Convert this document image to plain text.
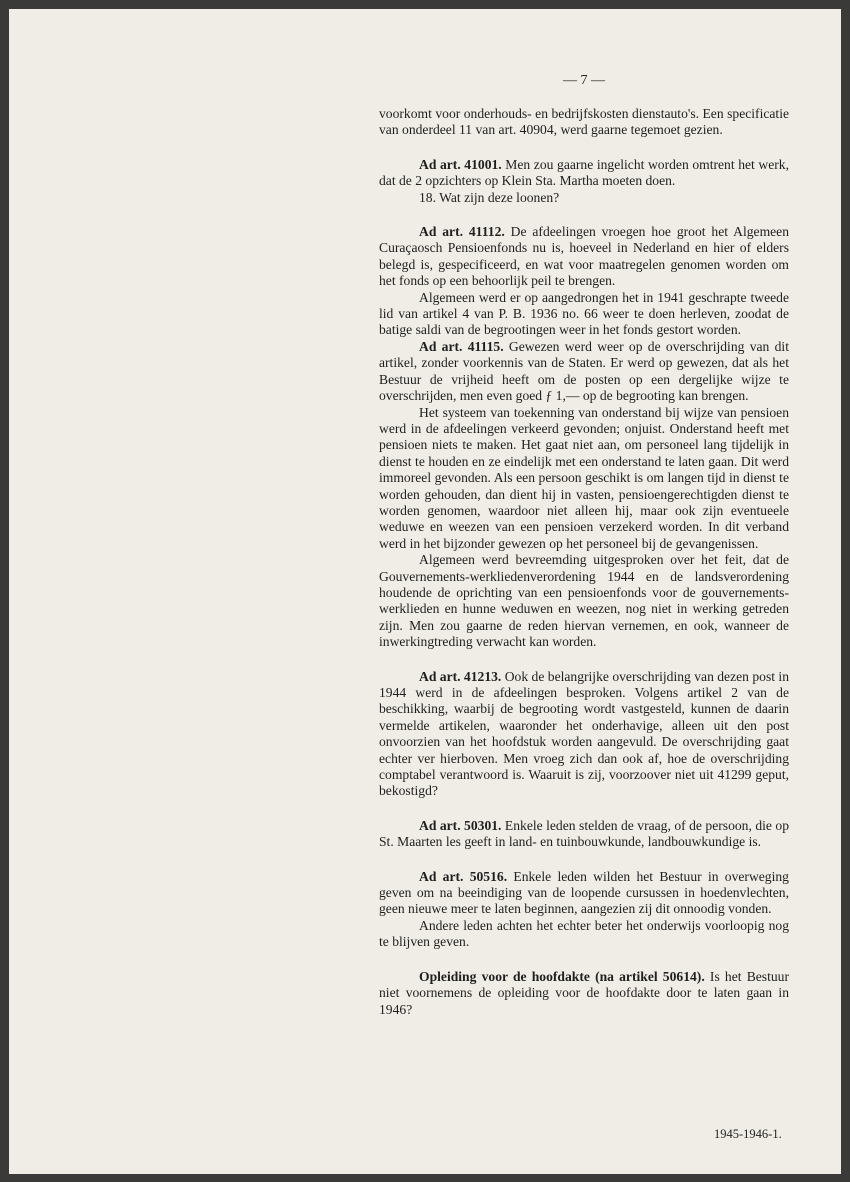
— 7 —

voorkomt voor onderhouds- en bedrijfskosten dienstauto's. Een specificatie van onderdeel 11 van art. 40904, werd gaarne tegemoet gezien.

Ad art. 41001. Men zou gaarne ingelicht worden omtrent het werk, dat de 2 opzichters op Klein Sta. Martha moeten doen.

18. Wat zijn deze loonen?

Ad art. 41112. De afdeelingen vroegen hoe groot het Algemeen Curaçaosch Pensioenfonds nu is, hoeveel in Nederland en hier of elders belegd is, gespecificeerd, en wat voor maatregelen genomen worden om het fonds op een behoorlijk peil te brengen.

Algemeen werd er op aangedrongen het in 1941 geschrapte tweede lid van artikel 4 van P. B. 1936 no. 66 weer te doen herleven, zoodat de batige saldi van de begrootingen weer in het fonds gestort worden.

Ad art. 41115. Gewezen werd weer op de overschrijding van dit artikel, zonder voorkennis van de Staten. Er werd op gewezen, dat als het Bestuur de vrijheid heeft om de posten op een dergelijke wijze te overschrijden, men even goed ƒ 1,— op de begrooting kan brengen.

Het systeem van toekenning van onderstand bij wijze van pensioen werd in de afdeelingen verkeerd gevonden; onjuist. Onderstand heeft met pensioen niets te maken. Het gaat niet aan, om personeel lang tijdelijk in dienst te houden en ze eindelijk met een onderstand te laten gaan. Dit werd immoreel gevonden. Als een persoon geschikt is om langen tijd in dienst te worden gehouden, dan dient hij in vasten, pensioengerechtigden dienst te worden genomen, waardoor niet alleen hij, maar ook zijn eventueele weduwe en weezen van een pensioen verzekerd worden. In dit verband werd in het bijzonder gewezen op het personeel bij de gevangenissen.

Algemeen werd bevreemding uitgesproken over het feit, dat de Gouvernements-werkliedenverordening 1944 en de landsverordening houdende de oprichting van een pensioenfonds voor de gouvernements-werklieden en hunne weduwen en weezen, nog niet in werking getreden zijn. Men zou gaarne de reden hiervan vernemen, en ook, wanneer de inwerkingtreding verwacht kan worden.

Ad art. 41213. Ook de belangrijke overschrijding van dezen post in 1944 werd in de afdeelingen besproken. Volgens artikel 2 van de beschikking, waarbij de begrooting wordt vastgesteld, kunnen de daarin vermelde artikelen, waaronder het onderhavige, alleen uit den post onvoorzien van het hoofdstuk worden aangevuld. De overschrijding gaat echter ver hierboven. Men vroeg zich dan ook af, hoe de overschrijding comptabel verantwoord is. Waaruit is zij, voorzoover niet uit 41299 geput, bekostigd?

Ad art. 50301. Enkele leden stelden de vraag, of de persoon, die op St. Maarten les geeft in land- en tuinbouwkunde, landbouwkundige is.

Ad art. 50516. Enkele leden wilden het Bestuur in overweging geven om na beeindiging van de loopende cursussen in hoedenvlechten, geen nieuwe meer te laten beginnen, aangezien zij dit onnoodig vonden.

Andere leden achten het echter beter het onderwijs voorloopig nog te blijven geven.

Opleiding voor de hoofdakte (na artikel 50614). Is het Bestuur niet voornemens de opleiding voor de hoofdakte door te laten gaan in 1946?

1945-1946-1.
